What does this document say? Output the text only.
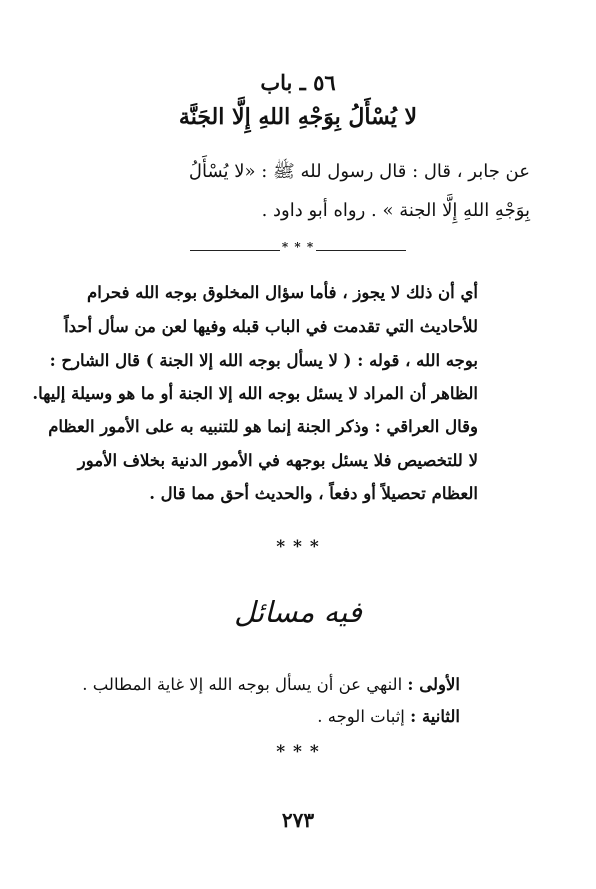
٥٦ ـ باب
لا يُسْأَلُ بِوَجْهِ اللهِ إِلَّا الجَنَّة
عن جابر ، قال : قال رسول لله ﷺ : «لا يُسْأَلُ
بِوَجْهِ اللهِ إِلَّا الجنة » . رواه أبو داود .
* * *
أي أن ذلك لا يجوز ، فأما سؤال المخلوق بوجه الله فحرام
للأحاديث التي تقدمت في الباب قبله وفيها لعن من سأل أحداً
بوجه الله ، قوله : ( لا يسأل بوجه الله إلا الجنة ) قال الشارح :
الظاهر أن المراد لا يسئل بوجه الله إلا الجنة أو ما هو وسيلة إليها.
وقال العراقي : وذكر الجنة إنما هو للتنبيه به على الأمور العظام
لا للتخصيص فلا يسئل بوجهه في الأمور الدنية بخلاف الأمور
العظام تحصيلاً أو دفعاً ، والحديث أحق مما قال .
* * *
فيه مسائل
الأولى : النهي عن أن يسأل بوجه الله إلا غاية المطالب .
الثانية : إثبات الوجه .
* * *
٢٧٣
